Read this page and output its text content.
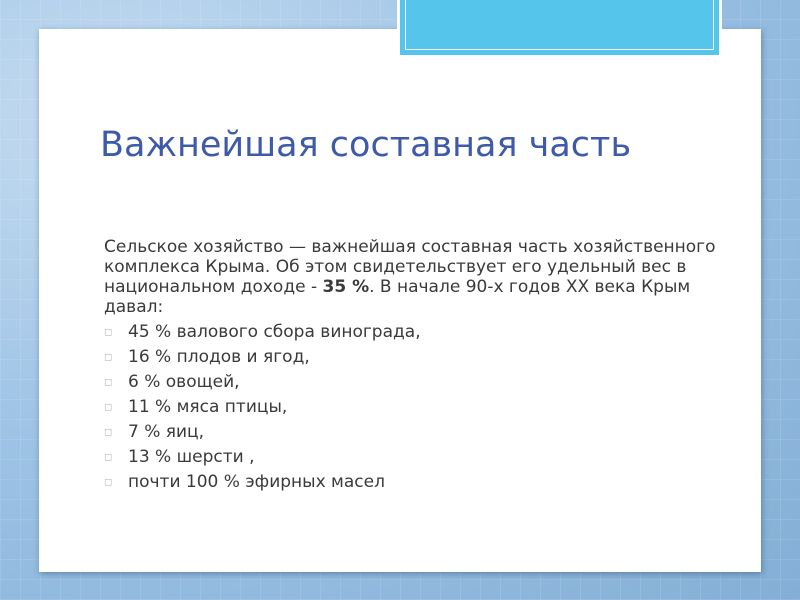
Важнейшая составная часть

Сельское хозяйство — важнейшая составная часть хозяйственного комплекса Крыма. Об этом свидетельствует его удельный вес в национальном доходе - 35 %. В начале 90-х годов ХХ века Крым давал:

◻ 45 % валового сбора винограда,
◻ 16 % плодов и ягод,
◻ 6 % овощей,
◻ 11 % мяса птицы,
◻ 7 % яиц,
◻ 13 % шерсти ,
◻ почти 100 % эфирных масел
